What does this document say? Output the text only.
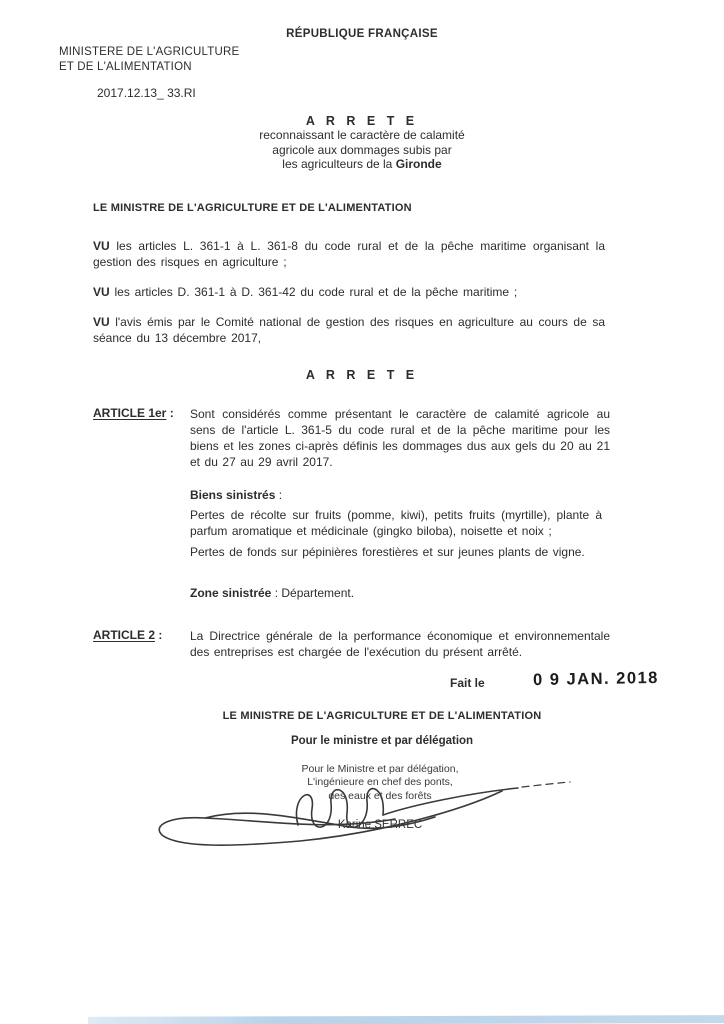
RÉPUBLIQUE FRANÇAISE
MINISTERE DE L'AGRICULTURE
ET DE L'ALIMENTATION
2017.12.13_ 33.RI
A R R E T E
reconnaissant le caractère de calamité
agricole aux dommages subis par
les agriculteurs de la Gironde
LE MINISTRE DE L'AGRICULTURE ET DE L'ALIMENTATION

VU les articles L. 361-1 à L. 361-8 du code rural et de la pêche maritime organisant la gestion des risques en agriculture ;

VU les articles D. 361-1 à D. 361-42 du code rural et de la pêche maritime ;

VU l'avis émis par le Comité national de gestion des risques en agriculture au cours de sa séance du 13 décembre 2017,

A R R E T E
ARTICLE 1er :	Sont considérés comme présentant le caractère de calamité agricole au sens de l'article L. 361-5 du code rural et de la pêche maritime pour les biens et les zones ci-après définis les dommages dus aux gels du 20 au 21 et du 27 au 29 avril 2017.

Biens sinistrés :

Pertes de récolte sur fruits (pomme, kiwi), petits fruits (myrtille), plante à parfum aromatique et médicinale (gingko biloba), noisette et noix ;

Pertes de fonds sur pépinières forestières et sur jeunes plants de vigne.

Zone sinistrée : Département.

ARTICLE 2 :	La Directrice générale de la performance économique et environnementale des entreprises est chargée de l'exécution du présent arrêté.
Fait le	0 9 JAN. 2018
LE MINISTRE DE L'AGRICULTURE ET DE L'ALIMENTATION
Pour le ministre et par délégation
Pour le Ministre et par délégation,
L'ingénieure en chef des ponts,
des eaux et des forêts
Karine SERREC
